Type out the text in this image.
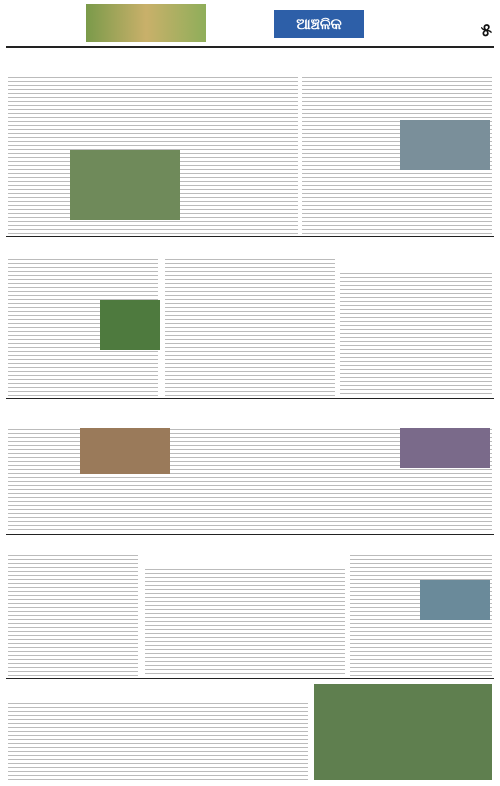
ଆଞ୍ଚଳିକ	୫
